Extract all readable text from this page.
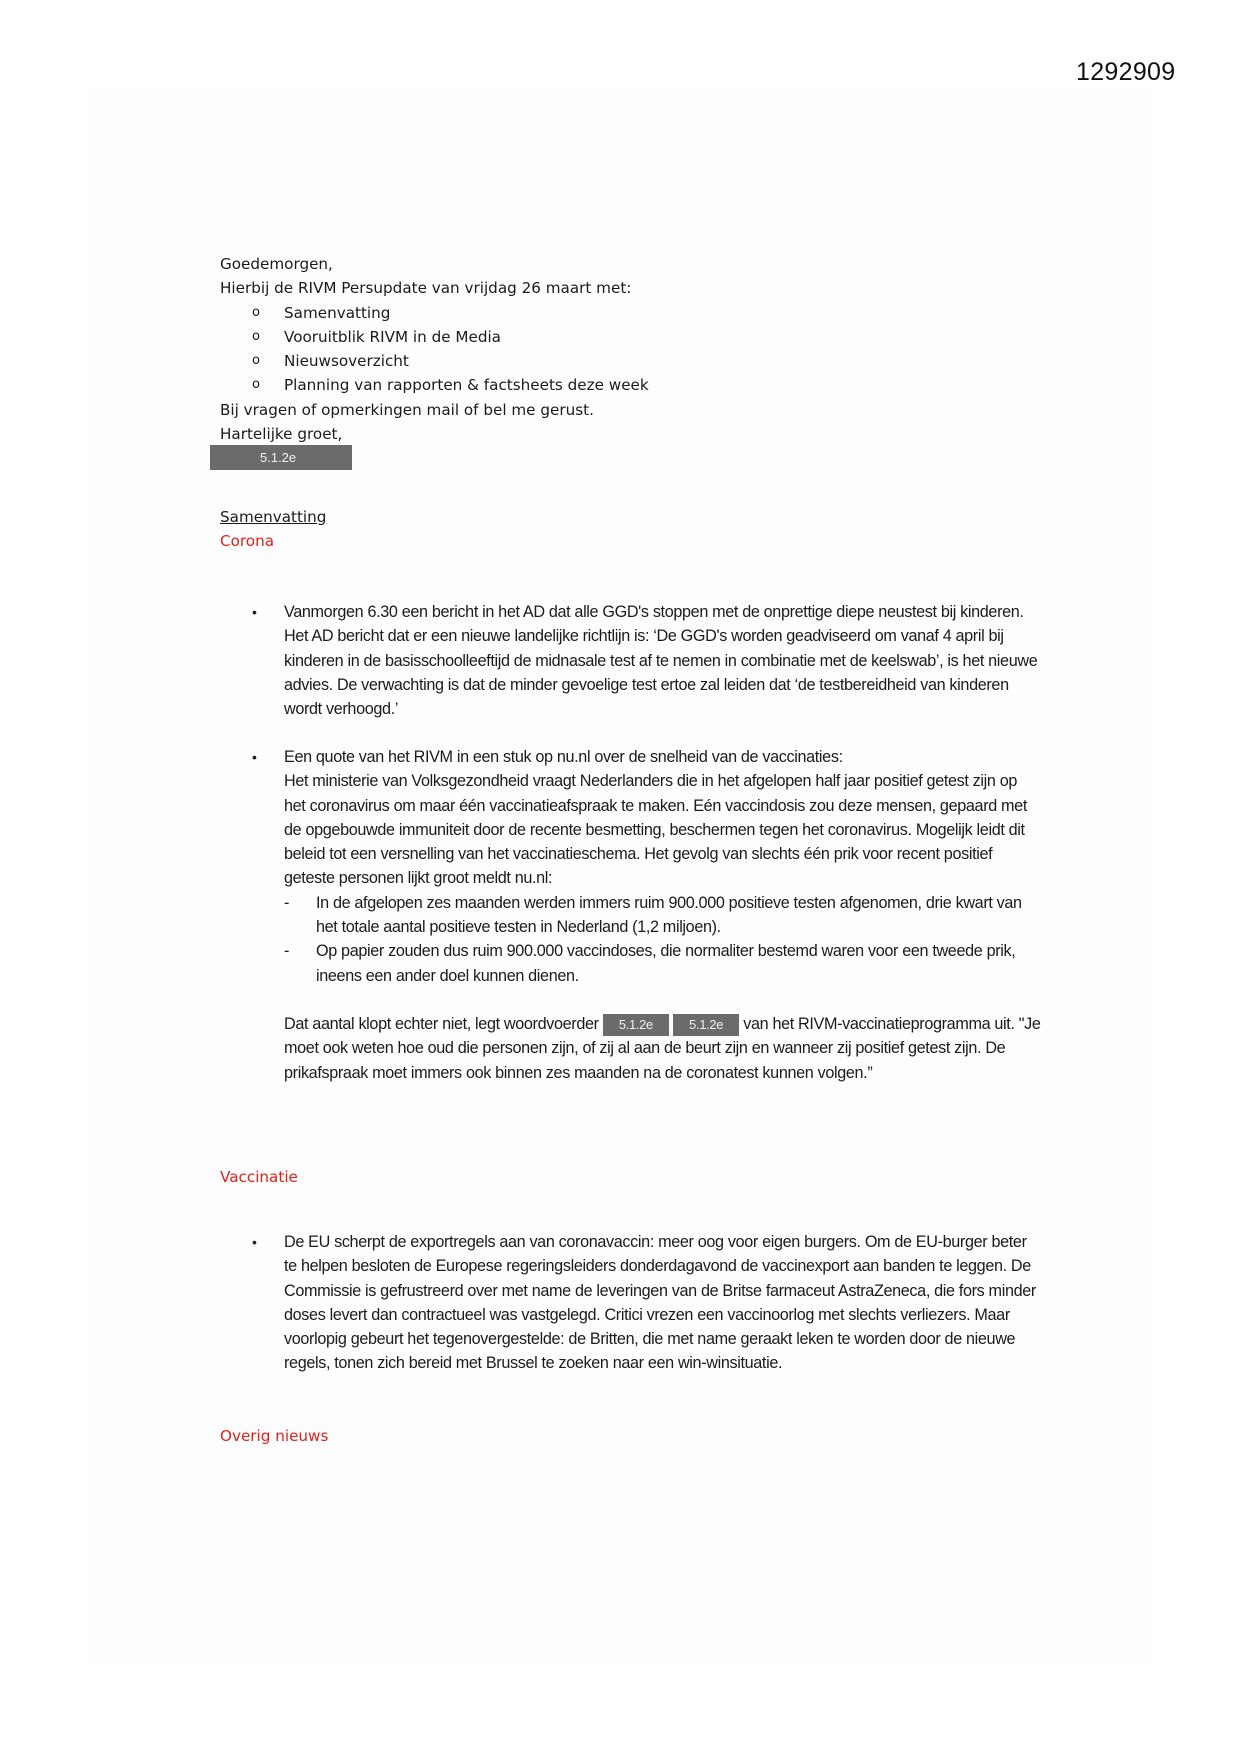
1292909
Goedemorgen,
Hierbij de RIVM Persupdate van vrijdag 26 maart met:
o Samenvatting
o Vooruitblik RIVM in de Media
o Nieuwsoverzicht
o Planning van rapporten & factsheets deze week
Bij vragen of opmerkingen mail of bel me gerust.
Hartelijke groet,
5.1.2e
Samenvatting
Corona
• Vanmorgen 6.30 een bericht in het AD dat alle GGD's stoppen met de onprettige diepe neustest bij kinderen. Het AD bericht dat er een nieuwe landelijke richtlijn is: ‘De GGD's worden geadviseerd om vanaf 4 april bij kinderen in de basisschoolleeftijd de midnasale test af te nemen in combinatie met de keelswab’, is het nieuwe advies. De verwachting is dat de minder gevoelige test ertoe zal leiden dat ‘de testbereidheid van kinderen wordt verhoogd.’

• Een quote van het RIVM in een stuk op nu.nl over de snelheid van de vaccinaties:

Het ministerie van Volksgezondheid vraagt Nederlanders die in het afgelopen half jaar positief getest zijn op het coronavirus om maar één vaccinatieafspraak te maken. Eén vaccindosis zou deze mensen, gepaard met de opgebouwde immuniteit door de recente besmetting, beschermen tegen het coronavirus. Mogelijk leidt dit beleid tot een versnelling van het vaccinatieschema. Het gevolg van slechts één prik voor recent positief geteste personen lijkt groot meldt nu.nl:

- In de afgelopen zes maanden werden immers ruim 900.000 positieve testen afgenomen, drie kwart van het totale aantal positieve testen in Nederland (1,2 miljoen).
- Op papier zouden dus ruim 900.000 vaccindoses, die normaliter bestemd waren voor een tweede prik, ineens een ander doel kunnen dienen.

Dat aantal klopt echter niet, legt woordvoerder 5.1.2e	5.1.2e van het RIVM-vaccinatieprogramma uit. "Je moet ook weten hoe oud die personen zijn, of zij al aan de beurt zijn en wanneer zij positief getest zijn. De prikafspraak moet immers ook binnen zes maanden na de coronatest kunnen volgen.”

Vaccinatie
• De EU scherpt de exportregels aan van coronavaccin: meer oog voor eigen burgers. Om de EU-burger beter te helpen besloten de Europese regeringsleiders donderdagavond de vaccinexport aan banden te leggen. De Commissie is gefrustreerd over met name de leveringen van de Britse farmaceut AstraZeneca, die fors minder doses levert dan contractueel was vastgelegd. Critici vrezen een vaccinoorlog met slechts verliezers. Maar voorlopig gebeurt het tegenovergestelde: de Britten, die met name geraakt leken te worden door de nieuwe regels, tonen zich bereid met Brussel te zoeken naar een win-winsituatie.

Overig nieuws
